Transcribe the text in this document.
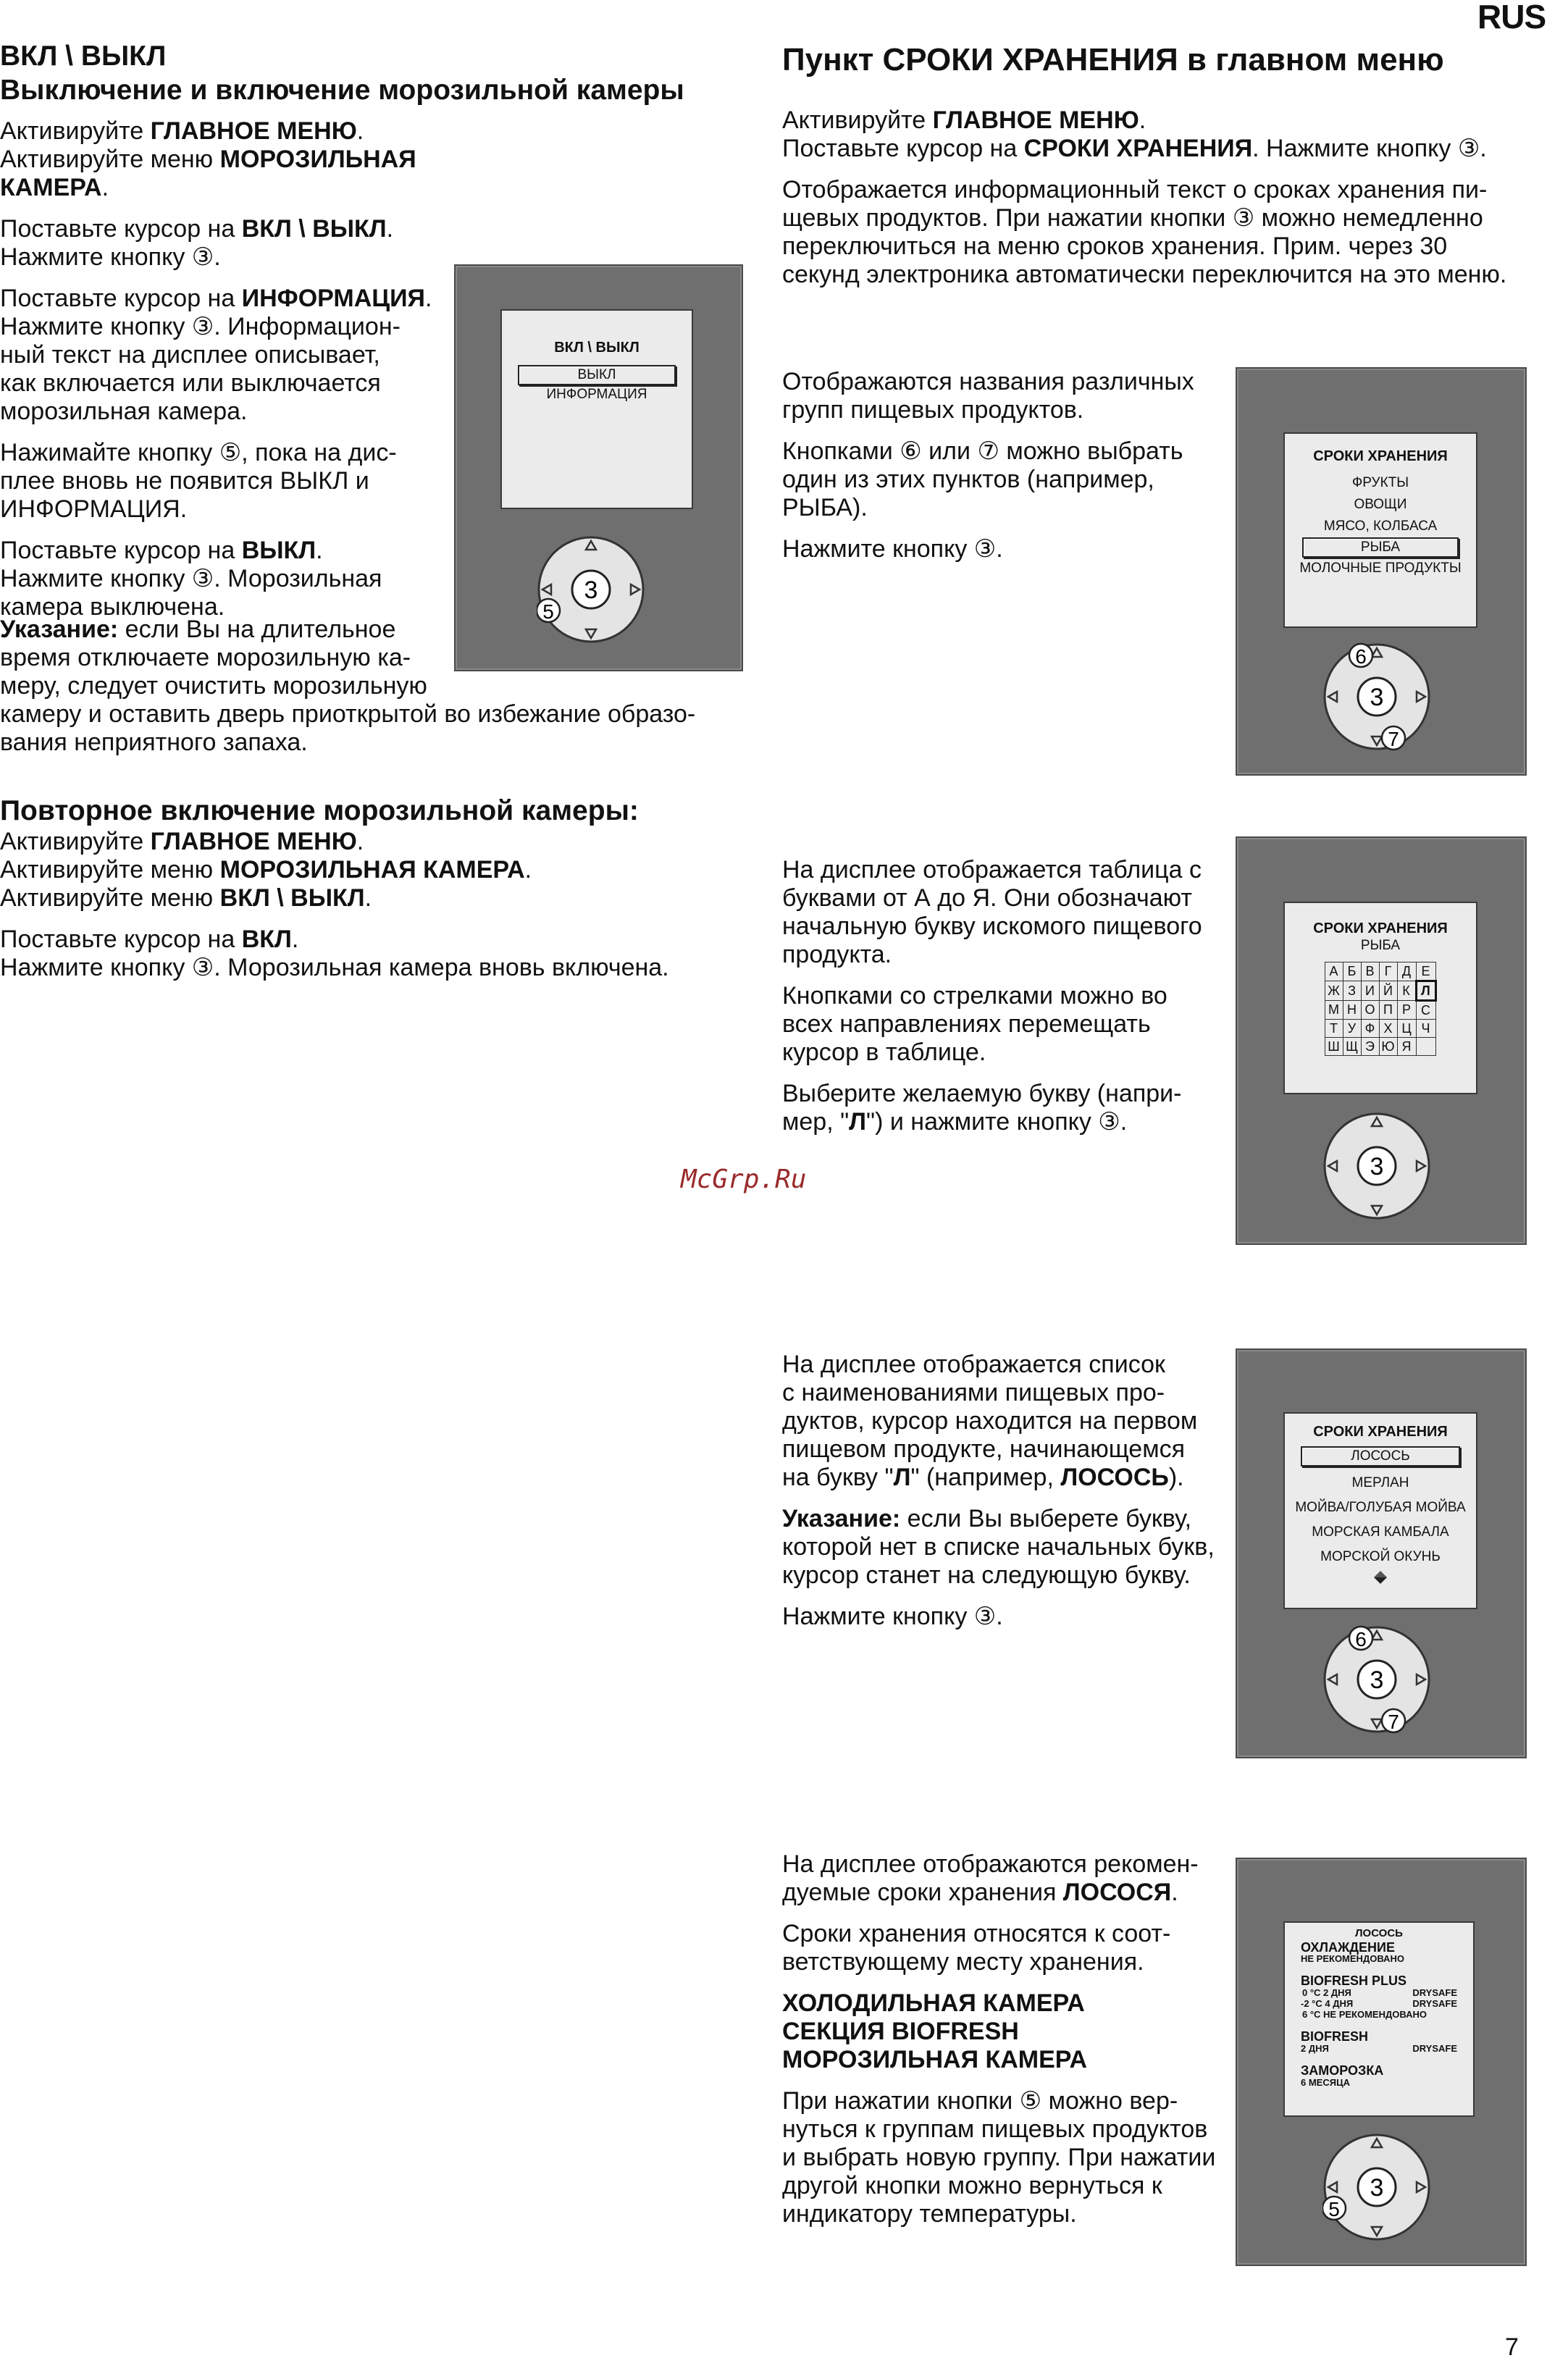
RUS
ВКЛ \ ВЫКЛ
Выключение и включение морозильной камеры

Активируйте ГЛАВНОЕ МЕНЮ.
Активируйте меню МОРОЗИЛЬНАЯ КАМЕРА.

Поставьте курсор на ВКЛ \ ВЫКЛ.
Нажмите кнопку ③.

Поставьте курсор на ИНФОРМАЦИЯ.
Нажмите кнопку ③. Информацион-
ный текст на дисплее описывает,
как включается или выключается
морозильная камера.

Нажимайте кнопку ⑤, пока на дис-
плее вновь не появится ВЫКЛ и
ИНФОРМАЦИЯ.

Поставьте курсор на ВЫКЛ.
Нажмите кнопку ③. Морозильная
камера выключена.

Указание: если Вы на длительное
время отключаете морозильную ка-
меру, следует очистить морозильную
камеру и оставить дверь приоткрытой во избежание образо-
вания неприятного запаха.
ВКЛ \ ВЫКЛ
ВЫКЛ
ИНФОРМАЦИЯ
3
5
Повторное включение морозильной камеры:

Активируйте ГЛАВНОЕ МЕНЮ.
Активируйте меню МОРОЗИЛЬНАЯ КАМЕРА.
Активируйте меню ВКЛ \ ВЫКЛ.

Поставьте курсор на ВКЛ.
Нажмите кнопку ③. Морозильная камера вновь включена.

Пункт СРОКИ ХРАНЕНИЯ в главном меню

Активируйте ГЛАВНОЕ МЕНЮ.
Поставьте курсор на СРОКИ ХРАНЕНИЯ. Нажмите кнопку ③.

Отображается информационный текст о сроках хранения пи-
щевых продуктов. При нажатии кнопки ③ можно немедленно
переключиться на меню сроков хранения. Прим. через 30
секунд электроника автоматически переключится на это меню.

Отображаются названия различных
групп пищевых продуктов.

Кнопками ⑥ или ⑦ можно выбрать
один из этих пунктов (например,
РЫБА).

Нажмите кнопку ③.

СРОКИ ХРАНЕНИЯ
ФРУКТЫ
ОВОЩИ
МЯСО, КОЛБАСА
РЫБА
МОЛОЧНЫЕ ПРОДУКТЫ
3
6
7

На дисплее отображается таблица с
буквами от А до Я. Они обозначают
начальную букву искомого пищевого
продукта.

Кнопками со стрелками можно во
всех направлениях перемещать
курсор в таблице.

Выберите желаемую букву (напри-
мер, "Л") и нажмите кнопку ③.

СРОКИ ХРАНЕНИЯ
РЫБА
А	Б	В	Г	Д	Е
Ж	З	И	Й	К	Л
М	Н	О	П	Р	С
Т	У	Ф	Х	Ц	Ч
Ш	Щ	Э	Ю	Я	
3
McGrp.Ru

На дисплее отображается список
с наименованиями пищевых про-
дуктов, курсор находится на первом
пищевом продукте, начинающемся
на букву "Л" (например, ЛОСОСЬ).

Указание: если Вы выберете букву,
которой нет в списке начальных букв,
курсор станет на следующую букву.

Нажмите кнопку ③.

СРОКИ ХРАНЕНИЯ
ЛОСОСЬ
МЕРЛАН
МОЙВА/ГОЛУБАЯ МОЙВА
МОРСКАЯ КАМБАЛА
МОРСКОЙ ОКУНЬ
3
6
7

На дисплее отображаются рекомен-
дуемые сроки хранения ЛОСОСЯ.

Сроки хранения относятся к соот-
ветствующему месту хранения.

ХОЛОДИЛЬНАЯ КАМЕРА
СЕКЦИЯ BIOFRESH
МОРОЗИЛЬНАЯ КАМЕРА

При нажатии кнопки ⑤ можно вер-
нуться к группам пищевых продуктов
и выбрать новую группу. При нажатии
другой кнопки можно вернуться к
индикатору температуры.

ЛОСОСЬ
ОХЛАЖДЕНИЕ
НЕ РЕКОМЕНДОВАНО
BIOFRESH PLUS
0 °C 2 ДНЯ	DRYSAFE
-2 °C 4 ДНЯ	DRYSAFE
6 °C НЕ РЕКОМЕНДОВАНО
BIOFRESH
2 ДНЯ	DRYSAFE
ЗАМОРОЗКА
6 МЕСЯЦА
3
5
7
